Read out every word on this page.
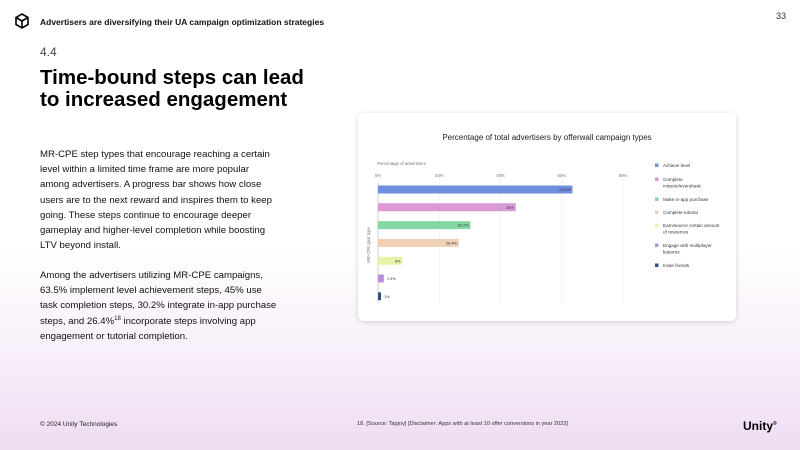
Advertisers are diversifying their UA campaign optimization strategies
33
4.4
Time-bound steps can lead to increased engagement

MR-CPE step types that encourage reaching a certain level within a limited time frame are more popular among advertisers. A progress bar shows how close users are to the next reward and inspires them to keep going. These steps continue to encourage deeper gameplay and higher-level completion while boosting LTV beyond install.

Among the advertisers utilizing MR-CPE campaigns, 63.5% implement level achievement steps, 45% use task completion steps, 30.2% integrate in-app purchase steps, and 26.4%$^{18}$ incorporate steps involving app engagement or tutorial completion.

Percentage of total advertisers by offerwall campaign types
Percentage of advertisers
0%	20%	40%	60%	80%
MR-CPE goal type
63.5%
45%
30.2%
26.4%
8%
1.9%
1%
Achieve level
Complete mission/event/task
Make in-app purchase
Complete tutorial
Earn/source certain amount of resources
Engage with multiplayer features
Invite friends
© 2024 Unity Technologies	18. [Source: Tapjoy] [Disclaimer: Apps with at least 10 offer conversions in year 2023]	Unity®
